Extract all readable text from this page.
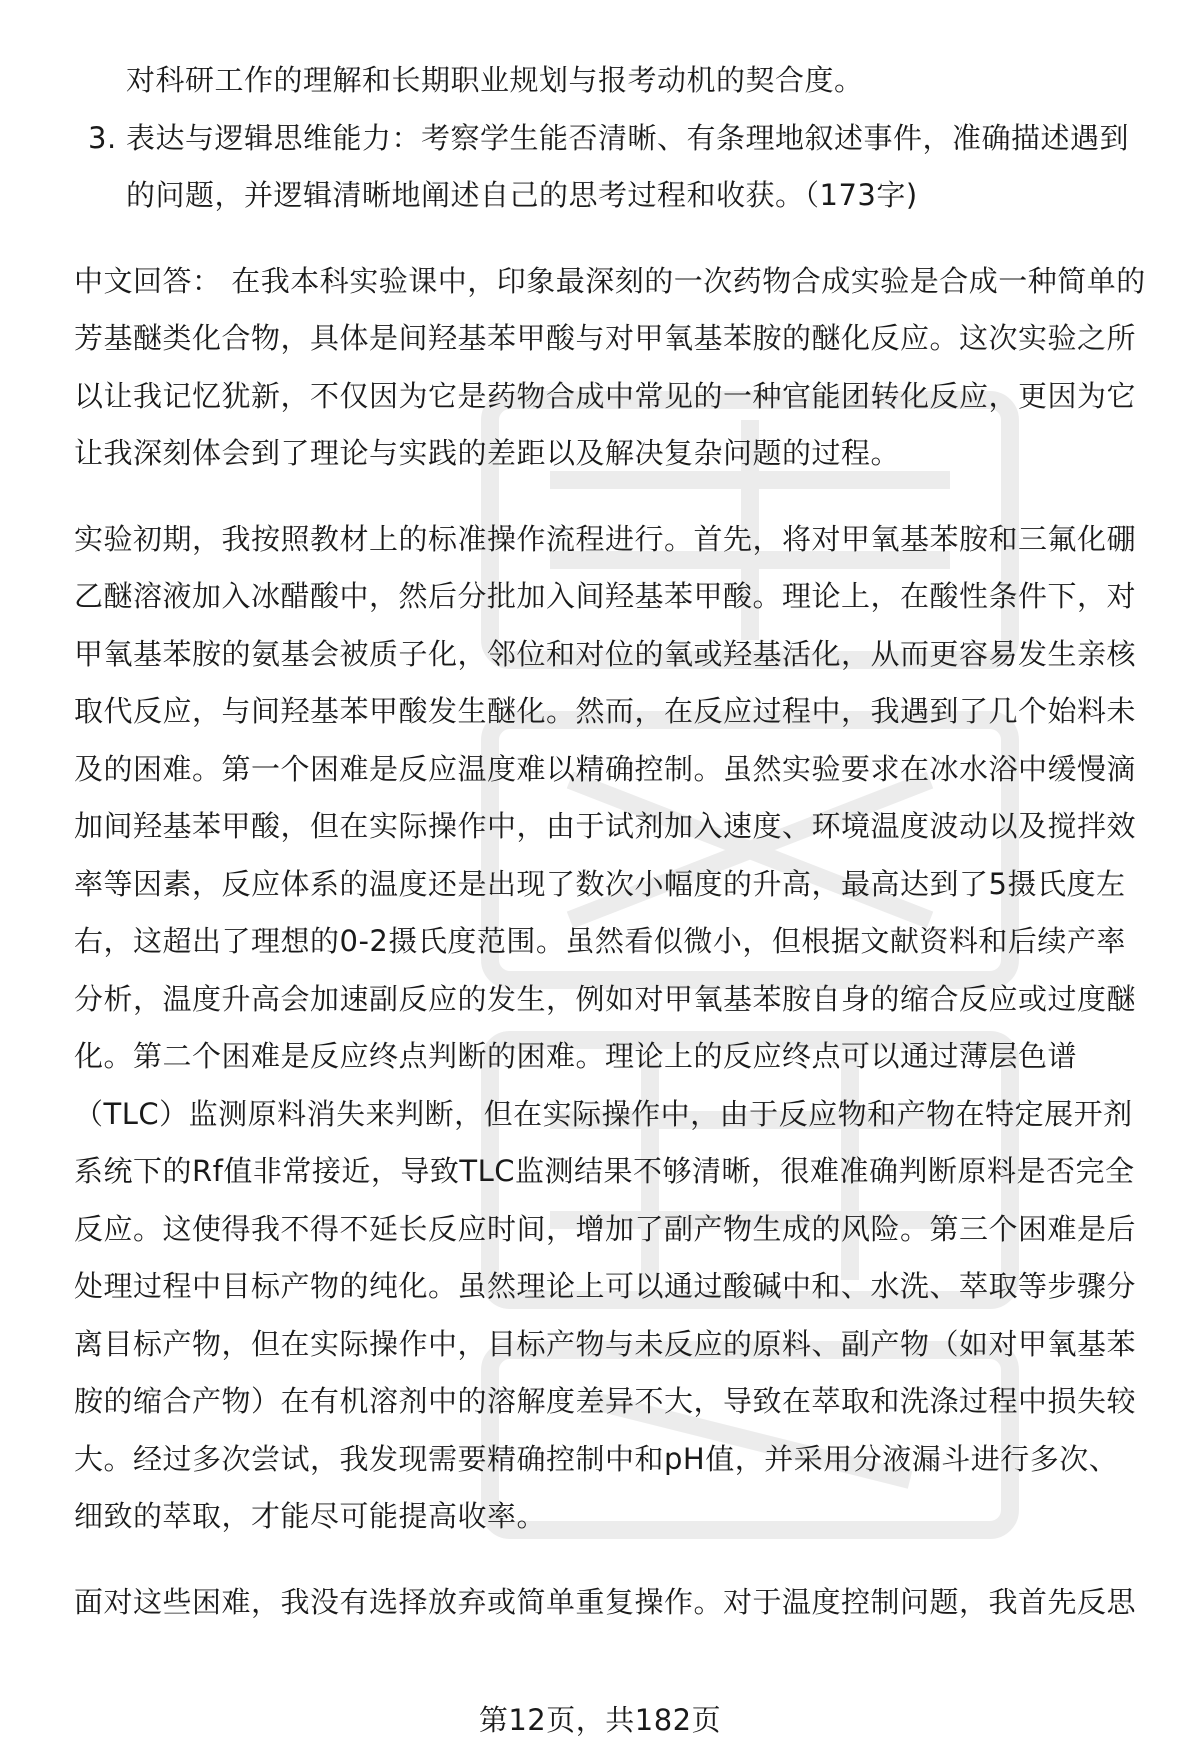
对科研工作的理解和长期职业规划与报考动机的契合度。
3. 表达与逻辑思维能力：考察学生能否清晰、有条理地叙述事件，准确描述遇到
的问题，并逻辑清晰地阐述自己的思考过程和收获。（173字)
中文回答： 在我本科实验课中，印象最深刻的一次药物合成实验是合成一种简单的
芳基醚类化合物，具体是间羟基苯甲酸与对甲氧基苯胺的醚化反应。这次实验之所
以让我记忆犹新，不仅因为它是药物合成中常见的一种官能团转化反应，更因为它
让我深刻体会到了理论与实践的差距以及解决复杂问题的过程。
实验初期，我按照教材上的标准操作流程进行。首先，将对甲氧基苯胺和三氟化硼
乙醚溶液加入冰醋酸中，然后分批加入间羟基苯甲酸。理论上，在酸性条件下，对
甲氧基苯胺的氨基会被质子化，邻位和对位的氧或羟基活化，从而更容易发生亲核
取代反应，与间羟基苯甲酸发生醚化。然而，在反应过程中，我遇到了几个始料未
及的困难。第一个困难是反应温度难以精确控制。虽然实验要求在冰水浴中缓慢滴
加间羟基苯甲酸，但在实际操作中，由于试剂加入速度、环境温度波动以及搅拌效
率等因素，反应体系的温度还是出现了数次小幅度的升高，最高达到了5摄氏度左
右，这超出了理想的0-2摄氏度范围。虽然看似微小，但根据文献资料和后续产率
分析，温度升高会加速副反应的发生，例如对甲氧基苯胺自身的缩合反应或过度醚
化。第二个困难是反应终点判断的困难。理论上的反应终点可以通过薄层色谱
（TLC）监测原料消失来判断，但在实际操作中，由于反应物和产物在特定展开剂
系统下的Rf值非常接近，导致TLC监测结果不够清晰，很难准确判断原料是否完全
反应。这使得我不得不延长反应时间，增加了副产物生成的风险。第三个困难是后
处理过程中目标产物的纯化。虽然理论上可以通过酸碱中和、水洗、萃取等步骤分
离目标产物，但在实际操作中，目标产物与未反应的原料、副产物（如对甲氧基苯
胺的缩合产物）在有机溶剂中的溶解度差异不大，导致在萃取和洗涤过程中损失较
大。经过多次尝试，我发现需要精确控制中和pH值，并采用分液漏斗进行多次、
细致的萃取，才能尽可能提高收率。
面对这些困难，我没有选择放弃或简单重复操作。对于温度控制问题，我首先反思
第12页，共182页
